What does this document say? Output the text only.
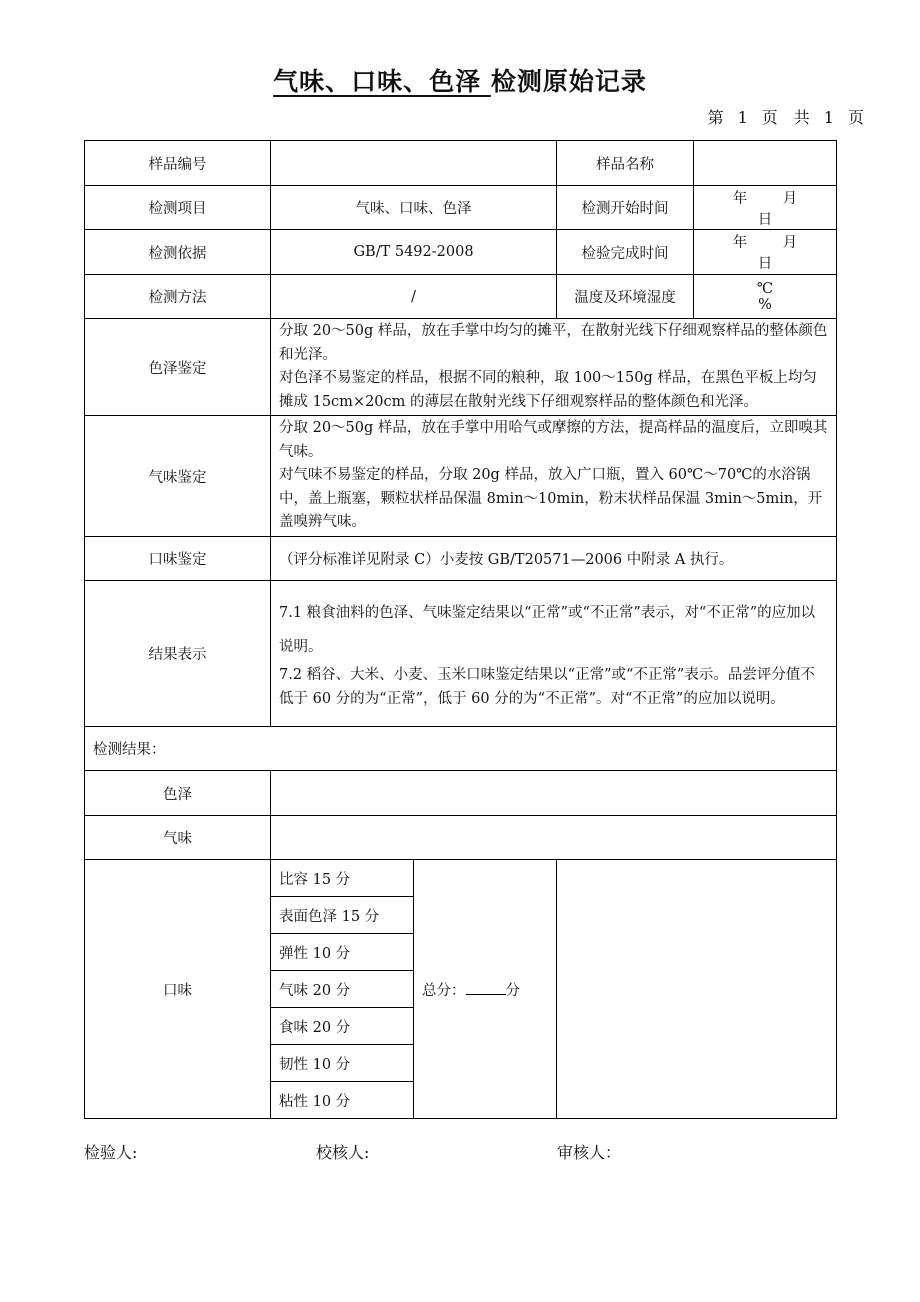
气味、口味、色泽 检测原始记录
第 1 页　共 1 页
样品编号			样品名称	
检测项目	气味、口味、色泽		检测开始时间	年 月日
检测依据	GB/T 5492-2008		检验完成时间	年 月日
检测方法	/		温度及环境湿度	℃%
色泽鉴定	分取 20～50g 样品，放在手掌中均匀的摊平，在散射光线下仔细观察样品的整体颜色和光泽。

对色泽不易鉴定的样品，根据不同的粮种，取 100～150g 样品，在黑色平板上均匀摊成 15cm×20cm 的薄层在散射光线下仔细观察样品的整体颜色和光泽。			

气味鉴定	分取 20～50g 样品，放在手掌中用哈气或摩擦的方法，提高样品的温度后，立即嗅其气味。

对气味不易鉴定的样品，分取 20g 样品，放入广口瓶，置入 60℃～70℃的水浴锅中，盖上瓶塞，颗粒状样品保温 8min～10min，粉末状样品保温 3min～5min，开盖嗅辨气味。			

口味鉴定	（评分标准详见附录 C）小麦按 GB/T20571—2006 中附录 A 执行。			
结果表示	7.1 粮食油料的色泽、气味鉴定结果以“正常”或“不正常”表示，对“不正常”的应加以说明。

7.2 稻谷、大米、小麦、玉米口味鉴定结果以“正常”或“不正常”表示。品尝评分值不低于 60 分的为“正常”，低于 60 分的为“不正常”。对“不正常”的应加以说明。			

检测结果：				
色泽				
气味				
口味	比容 15 分	总分： 分		
	表面色泽 15 分			
	弹性 10 分			
	气味 20 分			
	食味 20 分			
	韧性 10 分			
	粘性 10 分			
检验人:	校核人:	审核人：
